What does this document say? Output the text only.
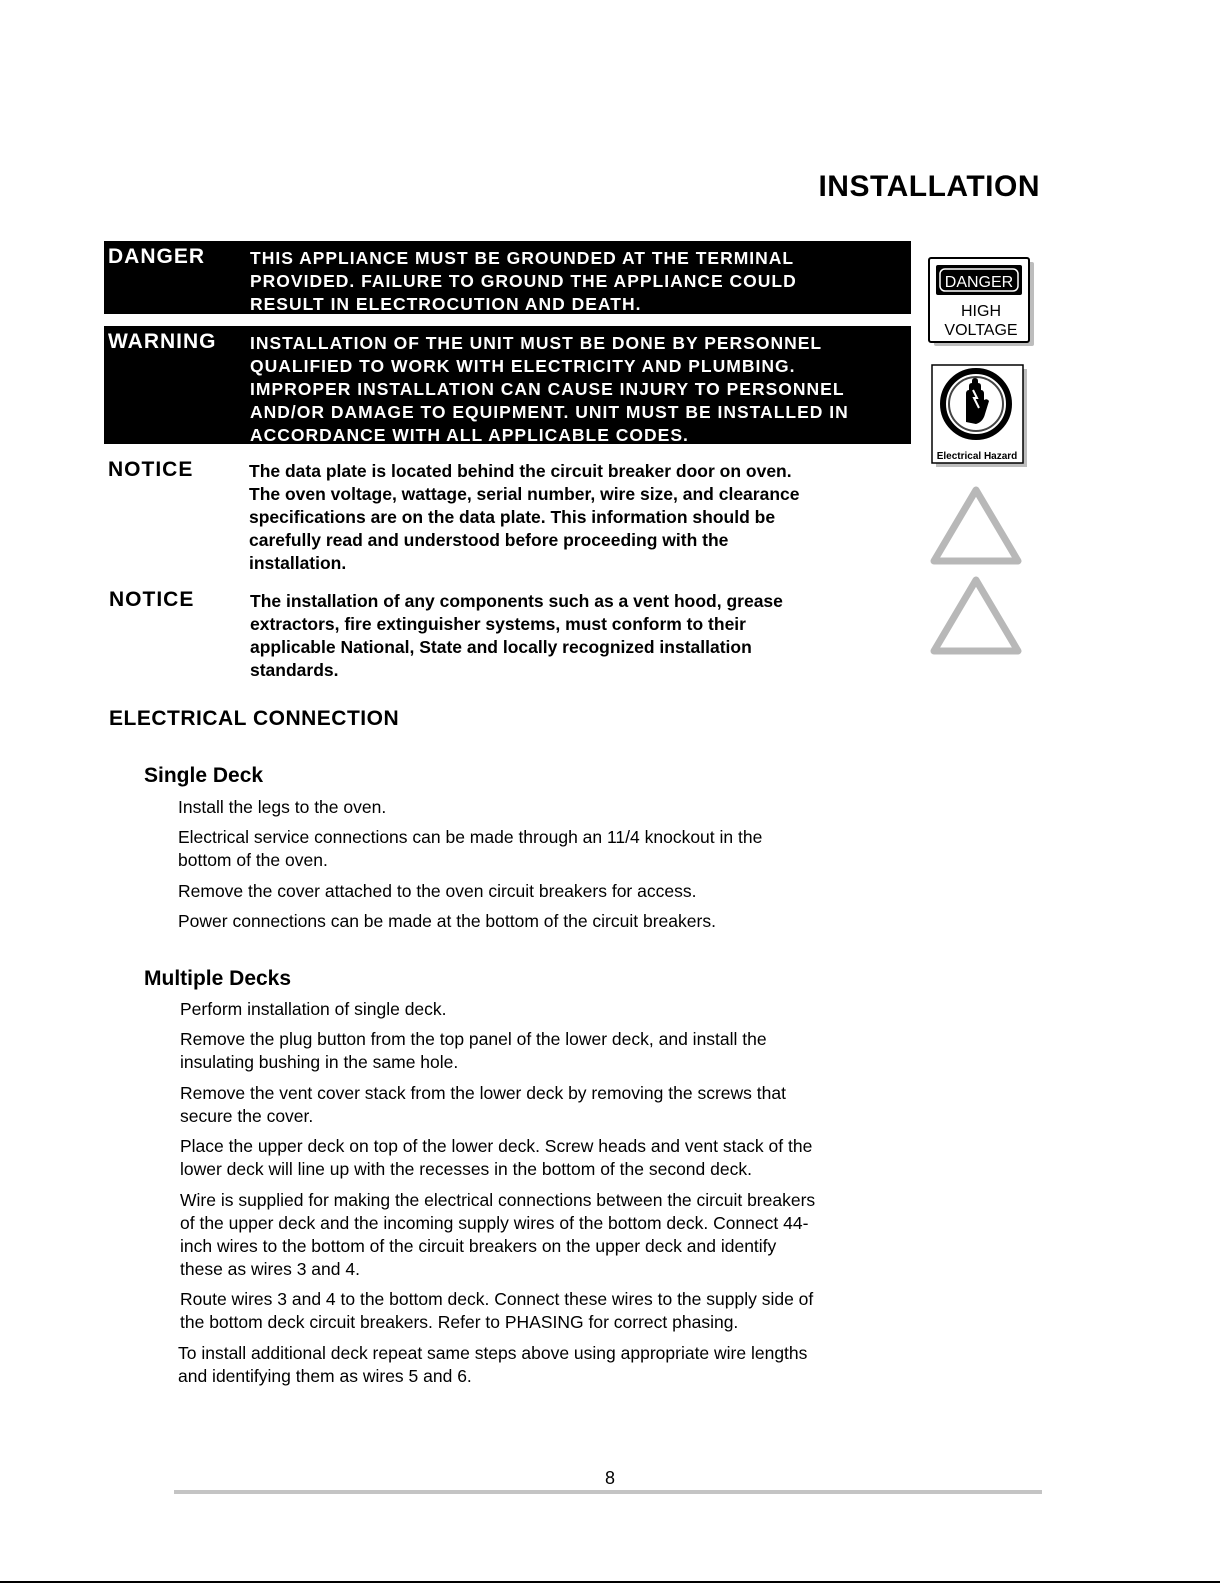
INSTALLATION
DANGER	THIS APPLIANCE MUST BE GROUNDED AT THE TERMINAL
PROVIDED. FAILURE TO GROUND THE APPLIANCE COULD
RESULT IN ELECTROCUTION AND DEATH.
WARNING INSTALLATION OF THE UNIT MUST BE DONE BY PERSONNEL
QUALIFIED TO WORK WITH ELECTRICITY AND PLUMBING.
IMPROPER INSTALLATION CAN CAUSE INJURY TO PERSONNEL
AND/OR DAMAGE TO EQUIPMENT. UNIT MUST BE INSTALLED IN
ACCORDANCE WITH ALL APPLICABLE CODES.
NOTICE	The data plate is located behind the circuit breaker door on oven.
The oven voltage, wattage, serial number, wire size, and clearance
specifications are on the data plate. This information should be
carefully read and understood before proceeding with the
installation.
NOTICE	The installation of any components such as a vent hood, grease
extractors, fire extinguisher systems, must conform to their
applicable National, State and locally recognized installation
standards.
DANGER
HIGH
VOLTAGE
Electrical Hazard
ELECTRICAL CONNECTION
Single Deck
Install the legs to the oven.
Electrical service connections can be made through an 11/4 knockout in the
bottom of the oven.
Remove the cover attached to the oven circuit breakers for access.
Power connections can be made at the bottom of the circuit breakers.
Multiple Decks
Perform installation of single deck.
Remove the plug button from the top panel of the lower deck, and install the
insulating bushing in the same hole.
Remove the vent cover stack from the lower deck by removing the screws that
secure the cover.
Place the upper deck on top of the lower deck. Screw heads and vent stack of the
lower deck will line up with the recesses in the bottom of the second deck.
Wire is supplied for making the electrical connections between the circuit breakers
of the upper deck and the incoming supply wires of the bottom deck. Connect 44-
inch wires to the bottom of the circuit breakers on the upper deck and identify
these as wires 3 and 4.
Route wires 3 and 4 to the bottom deck. Connect these wires to the supply side of
the bottom deck circuit breakers. Refer to PHASING for correct phasing.
To install additional deck repeat same steps above using appropriate wire lengths
and identifying them as wires 5 and 6.
8
